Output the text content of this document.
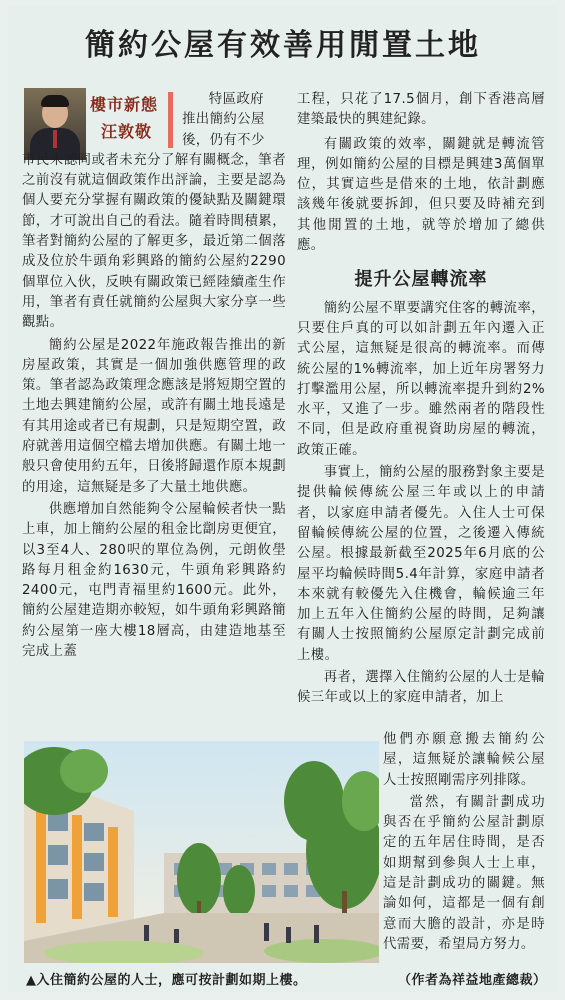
簡約公屋有效善用閒置土地
樓市新態
汪敦敬
特區政府
推出簡約公屋
後，仍有不少

市民未認同或者未充分了解有關概念，筆者之前沒有就這個政策作出評論，主要是認為個人要充分掌握有關政策的優缺點及關鍵環節，才可說出自己的看法。隨着時間積累，筆者對簡約公屋的了解更多，最近第二個落成及位於牛頭角彩興路的簡約公屋約2290個單位入伙，反映有關政策已經陸續產生作用，筆者有責任就簡約公屋與大家分享一些觀點。

簡約公屋是2022年施政報告推出的新房屋政策，其實是一個加強供應管理的政策。筆者認為政策理念應該是將短期空置的土地去興建簡約公屋，或許有關土地長遠是有其用途或者已有規劃，只是短期空置，政府就善用這個空檔去增加供應。有關土地一般只會使用約五年，日後將歸還作原本規劃的用途，這無疑是多了大量土地供應。

供應增加自然能夠令公屋輪候者快一點上車，加上簡約公屋的租金比劏房更便宜，以3至4人、280呎的單位為例，元朗攸壆路每月租金約1630元，牛頭角彩興路約2400元，屯門青福里約1600元。此外，簡約公屋建造期亦較短，如牛頭角彩興路簡約公屋第一座大樓18層高，由建造地基至完成上蓋

工程，只花了17.5個月，創下香港高層建築最快的興建紀錄。

有關政策的效率，關鍵就是轉流管理，例如簡約公屋的目標是興建3萬個單位，其實這些是借來的土地，依計劃應該幾年後就要拆卸，但只要及時補充到其他閒置的土地，就等於增加了總供應。

提升公屋轉流率

簡約公屋不單要講究住客的轉流率，只要住戶真的可以如計劃五年內遷入正式公屋，這無疑是很高的轉流率。而傳統公屋的1%轉流率，加上近年房署努力打擊濫用公屋，所以轉流率提升到約2%水平，又進了一步。雖然兩者的階段性不同，但是政府重視資助房屋的轉流，政策正確。

事實上，簡約公屋的服務對象主要是提供輪候傳統公屋三年或以上的申請者，以家庭申請者優先。入住人士可保留輪候傳統公屋的位置，之後遷入傳統公屋。根據最新截至2025年6月底的公屋平均輪候時間5.4年計算，家庭申請者本來就有較優先入住機會，輪候逾三年加上五年入住簡約公屋的時間，足夠讓有關人士按照簡約公屋原定計劃完成前上樓。

再者，選擇入住簡約公屋的人士是輪候三年或以上的家庭申請者，加上

他們亦願意搬去簡約公屋，這無疑於讓輪候公屋人士按照剛需序列排隊。

當然，有關計劃成功與否在乎簡約公屋計劃原定的五年居住時間，是否如期幫到參與人士上車，這是計劃成功的關鍵。無論如何，這都是一個有創意而大膽的設計，亦是時代需要，希望局方努力。

▲入住簡約公屋的人士，應可按計劃如期上樓。	（作者為祥益地產總裁）
